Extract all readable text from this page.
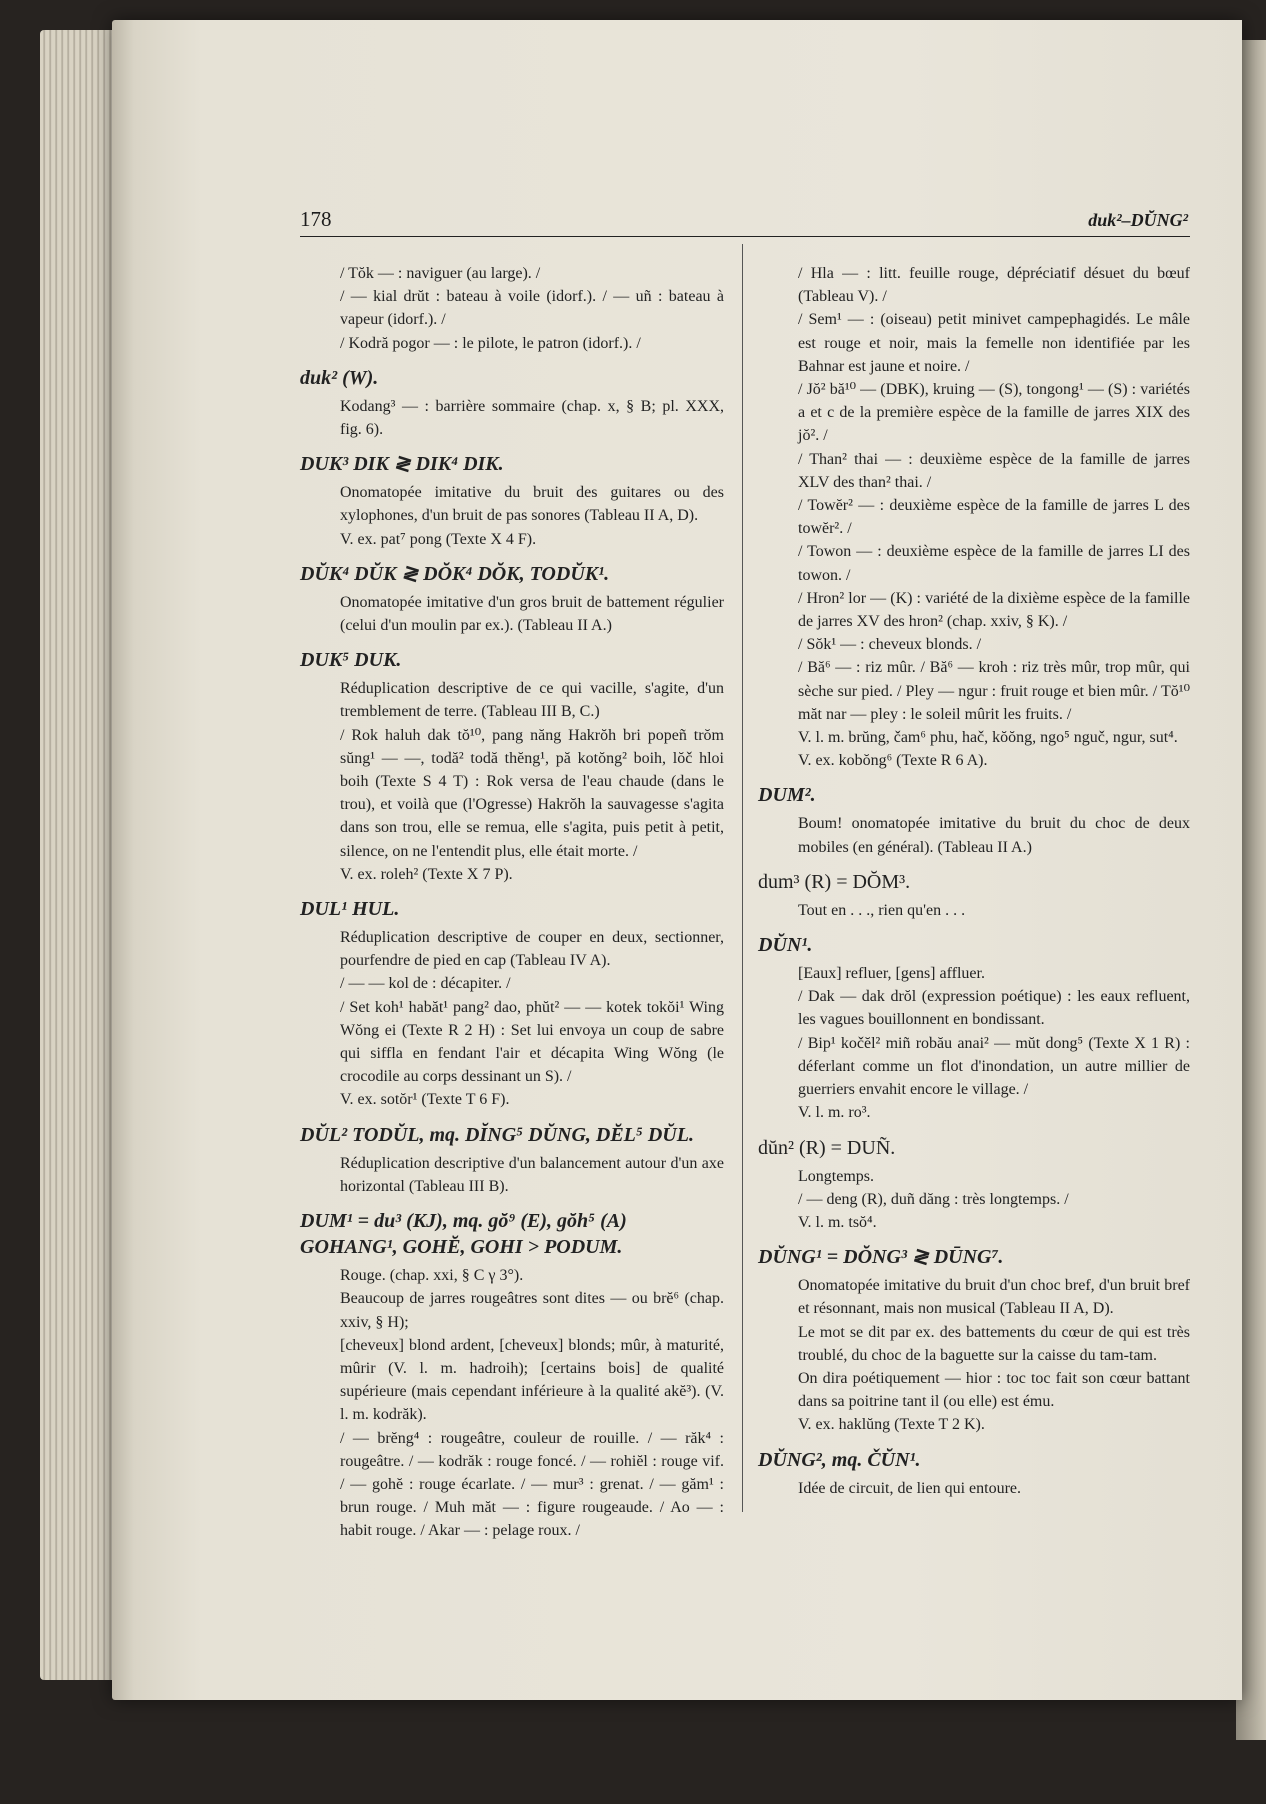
178	duk²–DŬNG²
/ Tŏk — : naviguer (au large). /
/ — kial drŭt : bateau à voile (idorf.). / — uñ : bateau à vapeur (idorf.). /
/ Kodră pogor — : le pilote, le patron (idorf.). /
duk² (W).
Kodang³ — : barrière sommaire (chap. x, § B; pl. XXX, fig. 6).
DUK³ DIK ≷ DIK⁴ DIK.
Onomatopée imitative du bruit des guitares ou des xylophones, d'un bruit de pas sonores (Tableau II A, D).
V. ex. pat⁷ pong (Texte X 4 F).
DŬK⁴ DŬK ≷ DŎK⁴ DŎK, TODŬK¹.
Onomatopée imitative d'un gros bruit de battement régulier (celui d'un moulin par ex.). (Tableau II A.)
DUK⁵ DUK.
Réduplication descriptive de ce qui vacille, s'agite, d'un tremblement de terre. (Tableau III B, C.)
/ Rok haluh dak tŏ¹⁰, pang năng Hakrŏh bri popeñ trŏm sŭng¹ — —, todă² todă thĕng¹, pă kotŏng² boih, lŏč hloi boih (Texte S 4 T) : Rok versa de l'eau chaude (dans le trou), et voilà que (l'Ogresse) Hakrŏh la sauvagesse s'agita dans son trou, elle se remua, elle s'agita, puis petit à petit, silence, on ne l'entendit plus, elle était morte. /
V. ex. roleh² (Texte X 7 P).
DUL¹ HUL.
Réduplication descriptive de couper en deux, sectionner, pourfendre de pied en cap (Tableau IV A).
/ — — kol de : décapiter. /
/ Set koh¹ habăt¹ pang² dao, phŭt² — — kotek tokŏi¹ Wing Wŏng ei (Texte R 2 H) : Set lui envoya un coup de sabre qui siffla en fendant l'air et décapita Wing Wŏng (le crocodile au corps dessinant un S). /
V. ex. sotŏr¹ (Texte T 6 F).
DŬL² TODŬL, mq. DĬNG⁵ DŬNG, DĔL⁵ DŬL.
Réduplication descriptive d'un balancement autour d'un axe horizontal (Tableau III B).
DUM¹ = du³ (KJ), mq. gŏ⁹ (E), gŏh⁵ (A) GOHANG¹, GOHĔ, GOHI > PODUM.
Rouge. (chap. xxi, § C γ 3°).
Beaucoup de jarres rougeâtres sont dites — ou brĕ⁶ (chap. xxiv, § H);
[cheveux] blond ardent, [cheveux] blonds; mûr, à maturité, mûrir (V. l. m. hadroih); [certains bois] de qualité supérieure (mais cependant inférieure à la qualité akĕ³). (V. l. m. kodrăk).
/ — brĕng⁴ : rougeâtre, couleur de rouille. / — răk⁴ : rougeâtre. / — kodrăk : rouge foncé. / — rohiĕl : rouge vif. / — gohĕ : rouge écarlate. / — mur³ : grenat. / — găm¹ : brun rouge. / Muh măt — : figure rougeaude. / Ao — : habit rouge. / Akar — : pelage roux. /
/ Hla — : litt. feuille rouge, dépréciatif désuet du bœuf (Tableau V). /
/ Sem¹ — : (oiseau) petit minivet campephagidés. Le mâle est rouge et noir, mais la femelle non identifiée par les Bahnar est jaune et noire. /
/ Jŏ² bă¹⁰ — (DBK), kruing — (S), tongong¹ — (S) : variétés a et c de la première espèce de la famille de jarres XIX des jŏ². /
/ Than² thai — : deuxième espèce de la famille de jarres XLV des than² thai. /
/ Towĕr² — : deuxième espèce de la famille de jarres L des towĕr². /
/ Towon — : deuxième espèce de la famille de jarres LI des towon. /
/ Hron² lor — (K) : variété de la dixième espèce de la famille de jarres XV des hron² (chap. xxiv, § K). /
/ Sŏk¹ — : cheveux blonds. /
/ Bă⁶ — : riz mûr. / Bă⁶ — kroh : riz très mûr, trop mûr, qui sèche sur pied. / Pley — ngur : fruit rouge et bien mûr. / Tŏ¹⁰ măt nar — pley : le soleil mûrit les fruits. /
V. l. m. brŭng, čam⁶ phu, hač, kŏŏng, ngo⁵ nguč, ngur, sut⁴.
V. ex. kobŏng⁶ (Texte R 6 A).
DUM².
Boum! onomatopée imitative du bruit du choc de deux mobiles (en général). (Tableau II A.)
dum³ (R) = DŎM³.
Tout en . . ., rien qu'en . . .
DŬN¹.
[Eaux] refluer, [gens] affluer.
/ Dak — dak drŏl (expression poétique) : les eaux refluent, les vagues bouillonnent en bondissant.
/ Bip¹ kočĕl² miñ robău anai² — mŭt dong⁵ (Texte X 1 R) : déferlant comme un flot d'inondation, un autre millier de guerriers envahit encore le village. /
V. l. m. ro³.
dŭn² (R) = DUÑ.
Longtemps.
/ — deng (R), duñ dăng : très longtemps. /
V. l. m. tsŏ⁴.
DŬNG¹ = DŎNG³ ≷ DŪNG⁷.
Onomatopée imitative du bruit d'un choc bref, d'un bruit bref et résonnant, mais non musical (Tableau II A, D).
Le mot se dit par ex. des battements du cœur de qui est très troublé, du choc de la baguette sur la caisse du tam-tam.
On dira poétiquement — hior : toc toc fait son cœur battant dans sa poitrine tant il (ou elle) est ému.
V. ex. haklŭng (Texte T 2 K).
DŬNG², mq. ČŬN¹.
Idée de circuit, de lien qui entoure.
